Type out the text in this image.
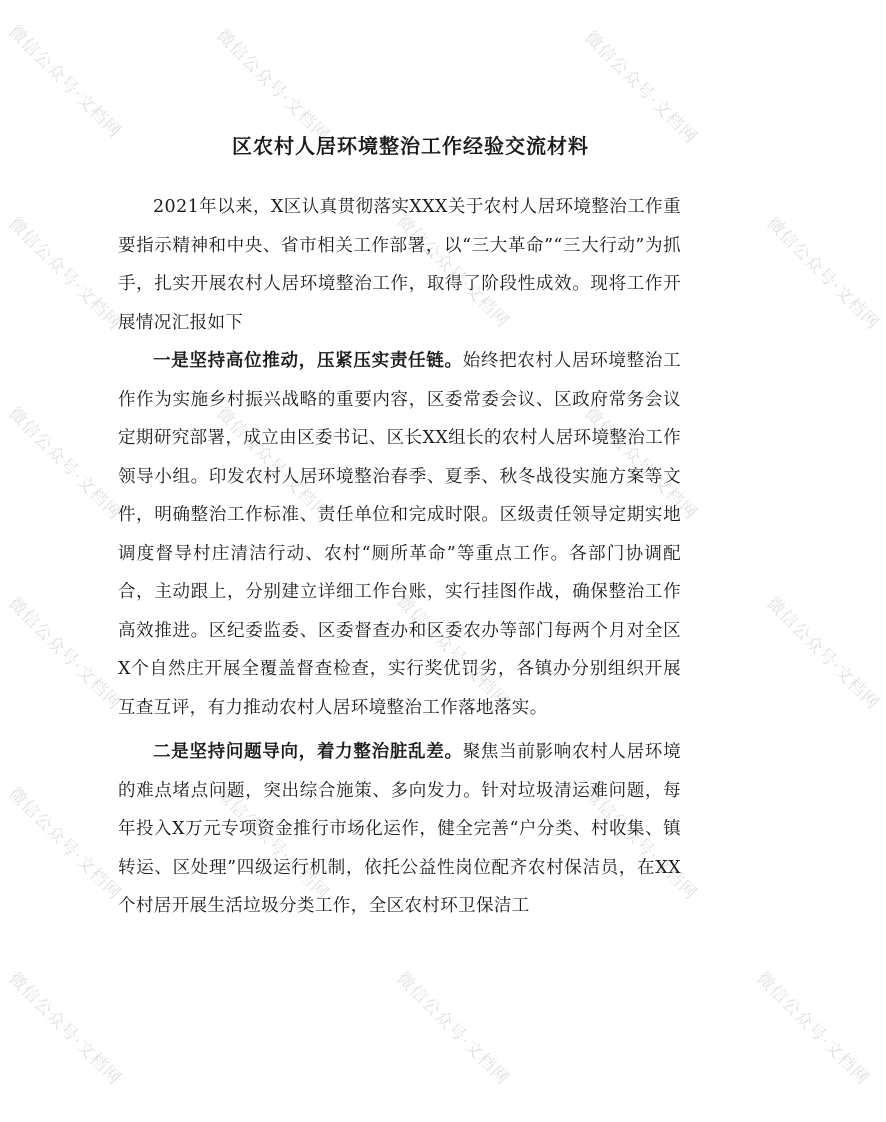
微信公众号·文档网	微信公众号·文档网	微信公众号·文档网
微信公众号·文档网	微信公众号·文档网	微信公众号·文档网
微信公众号·文档网	微信公众号·文档网	微信公众号·文档网
微信公众号·文档网	微信公众号·文档网	微信公众号·文档网
微信公众号·文档网	微信公众号·文档网	微信公众号·文档网
微信公众号·文档网	微信公众号·文档网	微信公众号·文档网
区农村人居环境整治工作经验交流材料

2021年以来，X区认真贯彻落实XXX关于农村人居环境整治工作重要指示精神和中央、省市相关工作部署，以“三大革命”“三大行动”为抓手，扎实开展农村人居环境整治工作，取得了阶段性成效。现将工作开展情况汇报如下

一是坚持高位推动，压紧压实责任链。始终把农村人居环境整治工作作为实施乡村振兴战略的重要内容，区委常委会议、区政府常务会议定期研究部署，成立由区委书记、区长XX组长的农村人居环境整治工作领导小组。印发农村人居环境整治春季、夏季、秋冬战役实施方案等文件，明确整治工作标准、责任单位和完成时限。区级责任领导定期实地调度督导村庄清洁行动、农村“厕所革命”等重点工作。各部门协调配合，主动跟上，分别建立详细工作台账，实行挂图作战，确保整治工作高效推进。区纪委监委、区委督查办和区委农办等部门每两个月对全区X个自然庄开展全覆盖督查检查，实行奖优罚劣，各镇办分别组织开展互查互评，有力推动农村人居环境整治工作落地落实。

二是坚持问题导向，着力整治脏乱差。聚焦当前影响农村人居环境的难点堵点问题，突出综合施策、多向发力。针对垃圾清运难问题，每年投入X万元专项资金推行市场化运作，健全完善“户分类、村收集、镇转运、区处理”四级运行机制，依托公益性岗位配齐农村保洁员，在XX个村居开展生活垃圾分类工作，全区农村环卫保洁工
